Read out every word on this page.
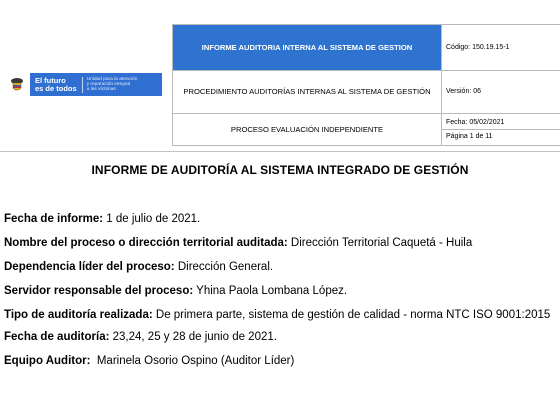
El futuro
es de todos
Unidad para la atención
y reparación integral
a las víctimas
INFORME AUDITORIA INTERNA AL SISTEMA DE GESTION	Código: 150.19.15-1
PROCEDIMIENTO AUDITORÍAS INTERNAS AL SISTEMA DE GESTIÓN	Versión: 06
PROCESO EVALUACIÓN INDEPENDIENTE	Fecha: 05/02/2021
Página 1 de 11
INFORME DE AUDITORÍA AL SISTEMA INTEGRADO DE GESTIÓN
Fecha de informe: 1 de julio de 2021.
Nombre del proceso o dirección territorial auditada: Dirección Territorial Caquetá - Huila
Dependencia líder del proceso: Dirección General.
Servidor responsable del proceso: Yhina Paola Lombana López.
Tipo de auditoría realizada: De primera parte, sistema de gestión de calidad - norma NTC ISO 9001:2015
Fecha de auditoría: 23,24, 25 y 28 de junio de 2021.
Equipo Auditor:  Marinela Osorio Ospino (Auditor Líder)
